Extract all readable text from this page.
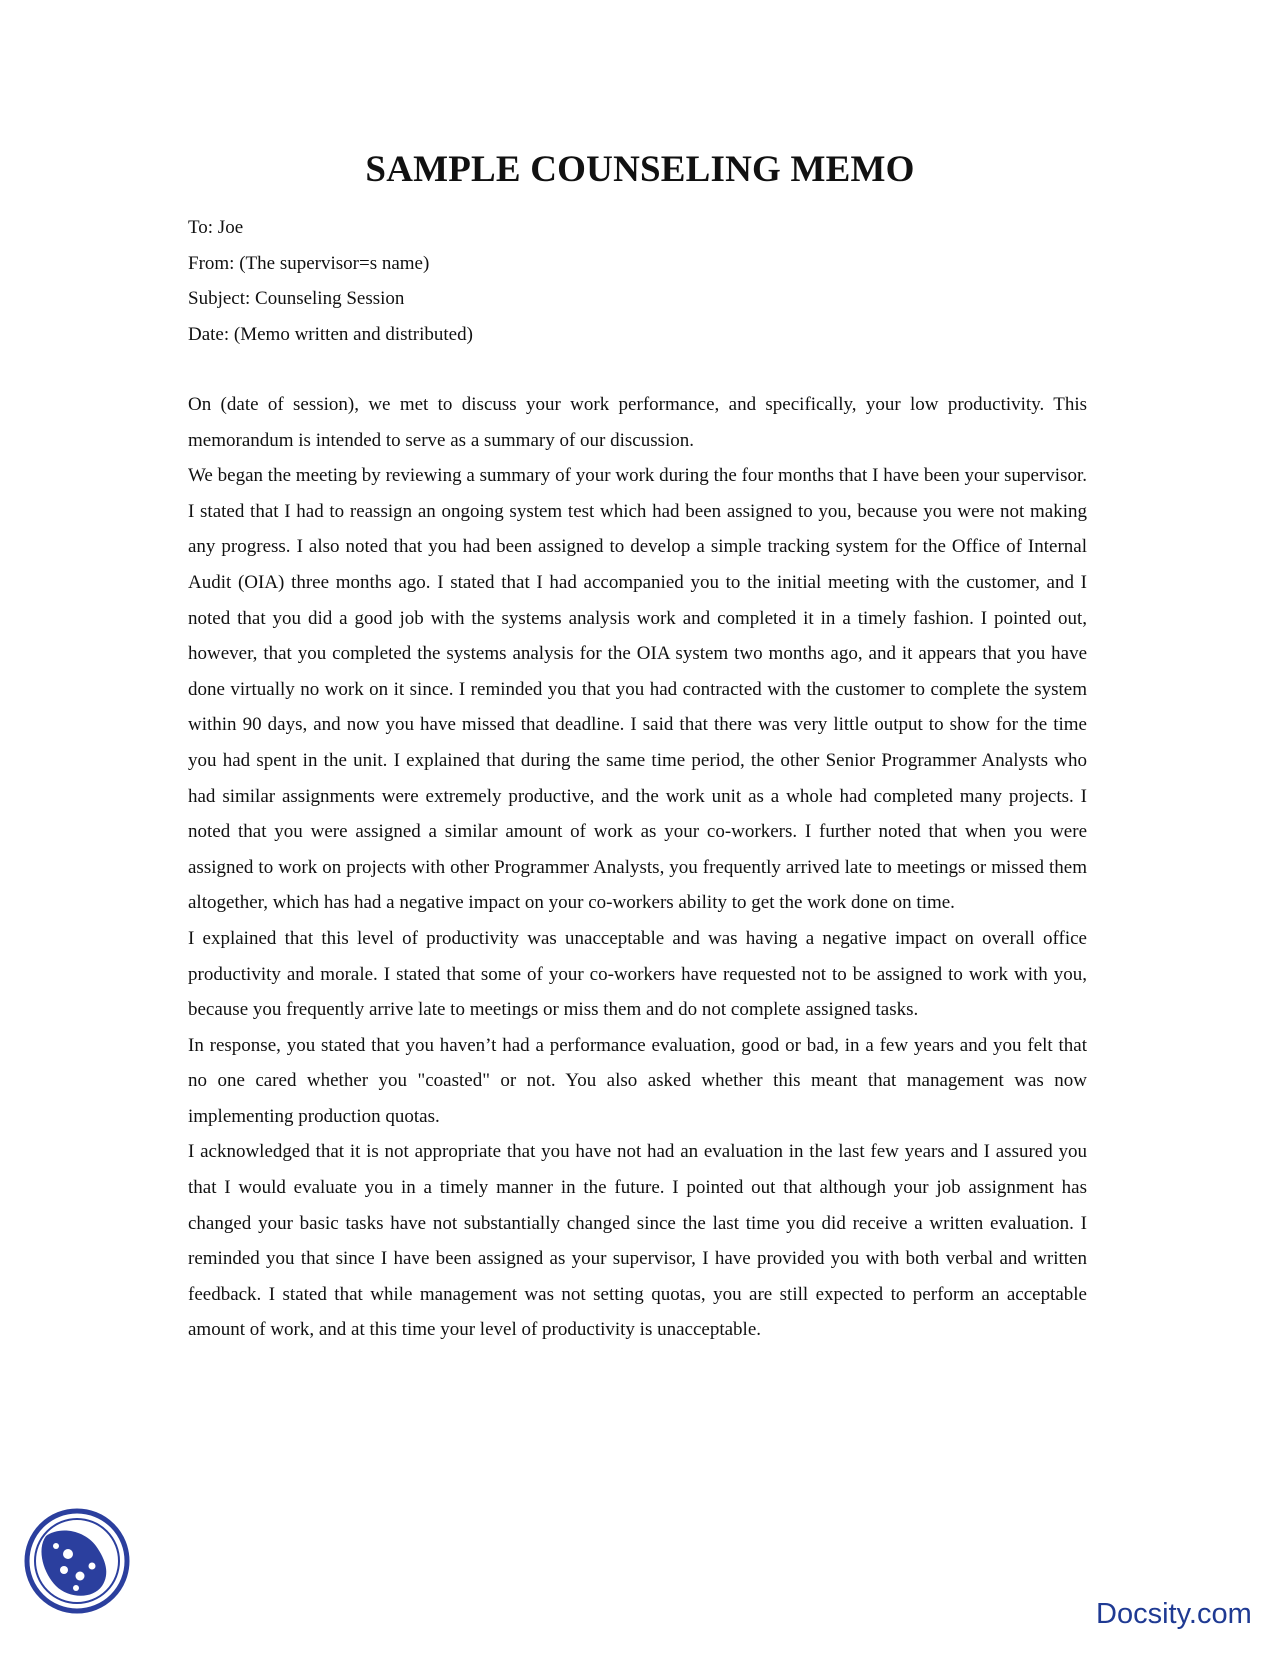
SAMPLE COUNSELING MEMO
To: Joe
From: (The supervisor=s name)
Subject: Counseling Session
Date: (Memo written and distributed)

On (date of session), we met to discuss your work performance, and specifically, your low productivity. This memorandum is intended to serve as a summary of our discussion.

We began the meeting by reviewing a summary of your work during the four months that I have been your supervisor. I stated that I had to reassign an ongoing system test which had been assigned to you, because you were not making any progress. I also noted that you had been assigned to develop a simple tracking system for the Office of Internal Audit (OIA) three months ago. I stated that I had accompanied you to the initial meeting with the customer, and I noted that you did a good job with the systems analysis work and completed it in a timely fashion. I pointed out, however, that you completed the systems analysis for the OIA system two months ago, and it appears that you have done virtually no work on it since. I reminded you that you had contracted with the customer to complete the system within 90 days, and now you have missed that deadline. I said that there was very little output to show for the time you had spent in the unit. I explained that during the same time period, the other Senior Programmer Analysts who had similar assignments were extremely productive, and the work unit as a whole had completed many projects. I noted that you were assigned a similar amount of work as your co-workers. I further noted that when you were assigned to work on projects with other Programmer Analysts, you frequently arrived late to meetings or missed them altogether, which has had a negative impact on your co-workers ability to get the work done on time.

I explained that this level of productivity was unacceptable and was having a negative impact on overall office productivity and morale. I stated that some of your co-workers have requested not to be assigned to work with you, because you frequently arrive late to meetings or miss them and do not complete assigned tasks.

In response, you stated that you haven’t had a performance evaluation, good or bad, in a few years and you felt that no one cared whether you "coasted" or not. You also asked whether this meant that management was now implementing production quotas.

I acknowledged that it is not appropriate that you have not had an evaluation in the last few years and I assured you that I would evaluate you in a timely manner in the future. I pointed out that although your job assignment has changed your basic tasks have not substantially changed since the last time you did receive a written evaluation. I reminded you that since I have been assigned as your supervisor, I have provided you with both verbal and written feedback. I stated that while management was not setting quotas, you are still expected to perform an acceptable amount of work, and at this time your level of productivity is unacceptable.

Docsity.com
